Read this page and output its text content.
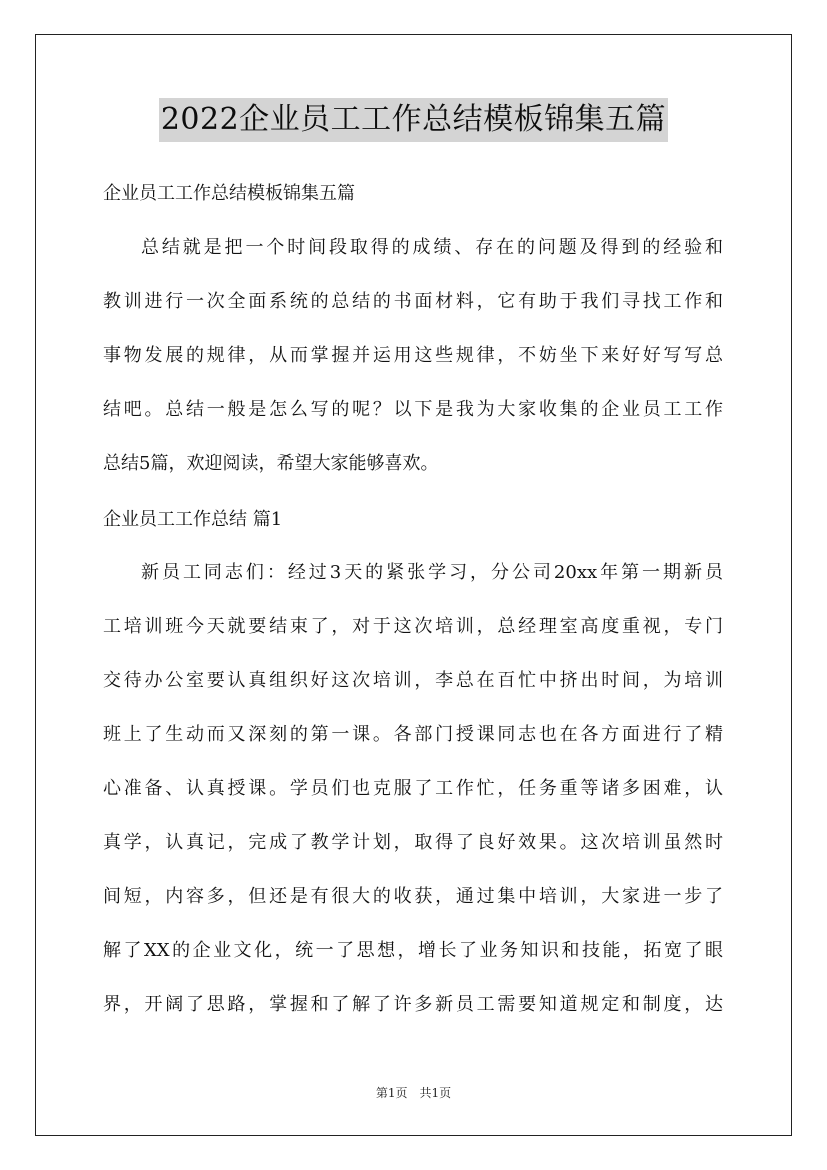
2022企业员工工作总结模板锦集五篇
企业员工工作总结模板锦集五篇
总结就是把一个时间段取得的成绩、存在的问题及得到的经验和
教训进行一次全面系统的总结的书面材料，它有助于我们寻找工作和
事物发展的规律，从而掌握并运用这些规律，不妨坐下来好好写写总
结吧。总结一般是怎么写的呢？以下是我为大家收集的企业员工工作
总结5篇，欢迎阅读，希望大家能够喜欢。
企业员工工作总结 篇1
新员工同志们：经过3天的紧张学习，分公司20xx年第一期新员
工培训班今天就要结束了，对于这次培训，总经理室高度重视，专门
交待办公室要认真组织好这次培训，李总在百忙中挤出时间，为培训
班上了生动而又深刻的第一课。各部门授课同志也在各方面进行了精
心准备、认真授课。学员们也克服了工作忙，任务重等诸多困难，认
真学，认真记，完成了教学计划，取得了良好效果。这次培训虽然时
间短，内容多，但还是有很大的收获，通过集中培训，大家进一步了
解了XX的企业文化，统一了思想，增长了业务知识和技能，拓宽了眼
界，开阔了思路，掌握和了解了许多新员工需要知道规定和制度，达
第1页　共1页
